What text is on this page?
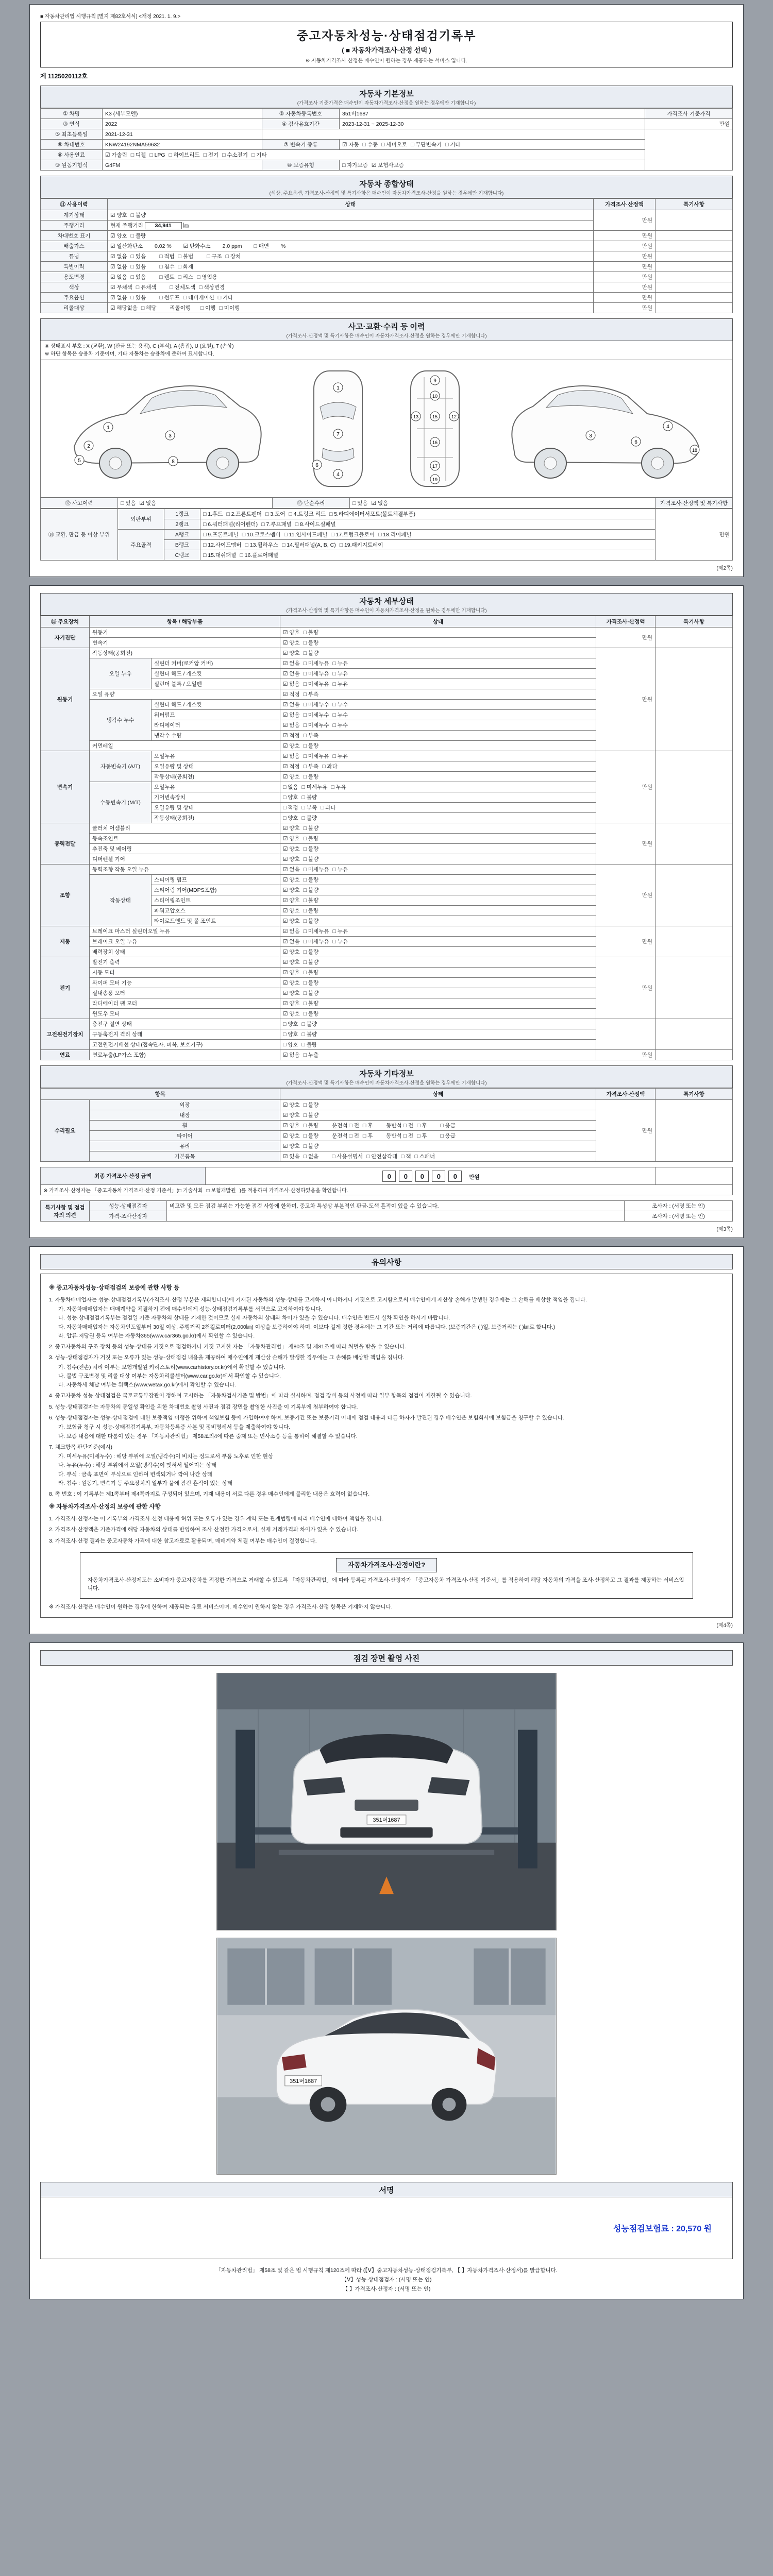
■ 자동차관리법 시행규칙 [별지 제82호서식] <개정 2021. 1. 9.>
중고자동차성능·상태점검기록부
( ■ 자동차가격조사·산정 선택 )
※ 자동차가격조사·산정은 매수인이 원하는 경우 제공하는 서비스 입니다.
제 1125020112호
자동차 기본정보
(가격조사 기준가격은 매수인이 자동차가격조사·산정을 원하는 경우에만 기재합니다)
① 차명	K3 (세부모델)	② 자동차등록번호	351버1687	가격조사 기준가격
③ 연식	2022	④ 검사유효기간	2023-12-31 ~ 2025-12-30	만원
⑤ 최초등록일	2021-12-31			
⑥ 차대번호	KNW24192NMA59632	⑦ 변속기 종류	☑ 자동 □ 수동 □ 세미오토 □ 무단변속기 □ 기타	
⑧ 사용연료	☑ 가솔린 □ 디젤 □ LPG □ 하이브리드 □ 전기 □ 수소전기 □ 기타			
⑨ 원동기형식	G4FM	⑩ 보증유형	□ 자가보증 ☑ 보험사보증	
자동차 종합상태
(색상, 주요옵션, 가격조사·산정액 및 특기사항은 매수인이 자동차가격조사·산정을 원하는 경우에만 기재합니다)
⑪ 사용이력	상태	가격조사·산정액	특기사항
계기상태	☑ 양호 □ 불량	만원	
주행거리	현재 주행거리 34,941 ㎞		
차대번호 표기	☑ 양호 □ 불량	만원	
배출가스	☑ 일산화탄소 0.02 % ☑ 탄화수소 2.0 ppm □ 매연 %	만원	
튜닝	☑ 없음 □ 있음 □ 적법 □ 불법 □ 구조 □ 장치	만원	
특별이력	☑ 없음 □ 있음 □ 침수 □ 화재	만원	
용도변경	☑ 없음 □ 있음 □ 렌트 □ 리스 □ 영업용	만원	
색상	☑ 무채색 □ 유채색 □ 전체도색 □ 색상변경	만원	
주요옵션	☑ 없음 □ 있음 □ 썬루프 □ 네비게이션 □ 기타	만원	
리콜대상	☑ 해당없음 □ 해당 리콜이행 □ 이행 □ 미이행	만원	
사고·교환·수리 등 이력
(가격조사·산정액 및 특기사항은 매수인이 자동차가격조사·산정을 원하는 경우에만 기재합니다)
※ 상태표시 부호 : X (교환), W (판금 또는 용접), C (부식), A (흠집), U (요철), T (손상)
※ 하단 항목은 승용차 기준이며, 기타 자동차는 승용차에 준하여 표시합니다.
1
2
3
5	8
1
7
4
6
9
10
12
13	15
16
17
19
4
6
18
3
⑫ 사고이력	□ 있음 ☑ 없음	⑬ 단순수리	□ 있음 ☑ 없음	가격조사·산정액 및 특기사항
⑭ 교환, 판금 등 이상 부위	외판부위	1랭크	□ 1.후드 □ 2.프론트펜더 □ 3.도어 □ 4.트렁크 리드 □ 5.라디에이터서포트(볼트체결부품)	만원
		2랭크	□ 6.쿼터패널(리어펜더) □ 7.루프패널 □ 8.사이드실패널	
	주요골격	A랭크	□ 9.프론트패널 □ 10.크로스멤버 □ 11.인사이드패널 □ 17.트렁크플로어 □ 18.리어패널	
		B랭크	□ 12.사이드멤버 □ 13.휠하우스 □ 14.필러패널(A, B, C) □ 19.패키지트레이	
		C랭크	□ 15.대쉬패널 □ 16.플로어패널	
(제2쪽)
자동차 세부상태
(가격조사·산정액 및 특기사항은 매수인이 자동차가격조사·산정을 원하는 경우에만 기재합니다)
⑮ 주요장치	항목 / 해당부품		상태	가격조사·산정액	특기사항
자기진단	원동기		☑ 양호 □ 불량	만원	
	변속기		☑ 양호 □ 불량		
원동기	작동상태(공회전)		☑ 양호 □ 불량	만원	
	오일 누유	실린더 커버(로커암 커버)	☑ 없음 □ 미세누유 □ 누유		
		실린더 헤드 / 개스킷	☑ 없음 □ 미세누유 □ 누유		
		실린더 블록 / 오일팬	☑ 없음 □ 미세누유 □ 누유		
	오일 유량		☑ 적정 □ 부족		
	냉각수 누수	실린더 헤드 / 개스킷	☑ 없음 □ 미세누수 □ 누수		
		워터펌프	☑ 없음 □ 미세누수 □ 누수		
		라디에이터	☑ 없음 □ 미세누수 □ 누수		
		냉각수 수량	☑ 적정 □ 부족		
	커먼레일		☑ 양호 □ 불량		
변속기	자동변속기 (A/T)	오일누유	☑ 없음 □ 미세누유 □ 누유	만원	
		오일유량 및 상태	☑ 적정 □ 부족 □ 과다		
		작동상태(공회전)	☑ 양호 □ 불량		
	수동변속기 (M/T)	오일누유	□ 없음 □ 미세누유 □ 누유		
		기어변속장치	□ 양호 □ 불량		
		오일유량 및 상태	□ 적정 □ 부족 □ 과다		
		작동상태(공회전)	□ 양호 □ 불량		
동력전달	클러치 어셈블리		☑ 양호 □ 불량	만원	
	등속조인트		☑ 양호 □ 불량		
	추진축 및 베어링		☑ 양호 □ 불량		
	디퍼렌셜 기어		☑ 양호 □ 불량		
조향	동력조향 작동 오일 누유		☑ 없음 □ 미세누유 □ 누유	만원	
	작동상태	스티어링 펌프	☑ 양호 □ 불량		
		스티어링 기어(MDPS포함)	☑ 양호 □ 불량		
		스티어링조인트	☑ 양호 □ 불량		
		파워고압호스	☑ 양호 □ 불량		
		타이로드엔드 및 볼 조인트	☑ 양호 □ 불량		
제동	브레이크 마스터 실린더오일 누유		☑ 없음 □ 미세누유 □ 누유	만원	
	브레이크 오일 누유		☑ 없음 □ 미세누유 □ 누유		
	배력장치 상태		☑ 양호 □ 불량		
전기	발전기 출력		☑ 양호 □ 불량	만원	
	시동 모터		☑ 양호 □ 불량		
	와이퍼 모터 기능		☑ 양호 □ 불량		
	실내송풍 모터		☑ 양호 □ 불량		
	라디에이터 팬 모터		☑ 양호 □ 불량		
	윈도우 모터		☑ 양호 □ 불량		
고전원전기장치	충전구 절연 상태		□ 양호 □ 불량		
	구동축전지 격리 상태		□ 양호 □ 불량		
	고전원전기배선 상태(접속단자, 피복, 보호기구)		□ 양호 □ 불량		
연료	연료누출(LP가스 포함)		☑ 없음 □ 누출	만원	
자동차 기타정보
(가격조사·산정액 및 특기사항은 매수인이 자동차가격조사·산정을 원하는 경우에만 기재합니다)
항목		상태	가격조사·산정액	특기사항
수리필요	외장	☑ 양호 □ 불량	만원	
	내장	☑ 양호 □ 불량		
	휠	☑ 양호 □ 불량 운전석 □ 전 □ 후 동반석 □ 전 □ 후 □ 응급		
	타이어	☑ 양호 □ 불량 운전석 □ 전 □ 후 동반석 □ 전 □ 후 □ 응급		
	유리	☑ 양호 □ 불량		
	기본품목	☑ 있음 □ 없음 □ 사용설명서 □ 안전삼각대 □ 잭 □ 스패너		
최종 가격조사·산정 금액	0 0 0 0 0 만원	
※ 가격조사·산정자는 「중고자동차 가격조사·산정 기준서」(□ 기술사회 □ 보험개발원 )를 적용하여 가격조사·산정하였음을 확인합니다.
특기사항 및 점검자의 의견	성능·상태점검자	비고란 및 모든 점검 부위는 가능한 점검 사항에 한하며, 중고차 특성상 부분적인 판금·도색 흔적이 있을 수 있습니다.	조사자 : (서명 또는 인)
	가격·조사산정자		조사자 : (서명 또는 인)
(제3쪽)
유의사항
※ 중고자동차성능·상태점검의 보증에 관한 사항 등
1. 자동차매매업자는 성능·상태점검기록부(가격조사·산정 부분은 제외합니다)에 기재된 자동차의 성능·상태를 고지하지 아니하거나 거짓으로 고지함으로써 매수인에게 재산상 손해가 발생한 경우에는 그 손해를 배상할 책임을 집니다.
가. 자동차매매업자는 매매계약을 체결하기 전에 매수인에게 성능·상태점검기록부를 서면으로 고지하여야 합니다.
나. 성능·상태점검기록부는 점검일 기준 자동차의 상태를 기재한 것이므로 실제 자동차의 상태와 차이가 있을 수 있습니다. 매수인은 반드시 실차 확인을 하시기 바랍니다.
다. 자동차매매업자는 자동차인도일부터 30일 이상, 주행거리 2천킬로미터(2,000㎞) 이상을 보증하여야 하며, 이보다 길게 정한 경우에는 그 기간 또는 거리에 따릅니다. (보증기간은 ( )일, 보증거리는 ( )㎞로 합니다.)
라. 압류·저당권 등록 여부는 자동차365(www.car365.go.kr)에서 확인할 수 있습니다.
2. 중고자동차의 구조·장치 등의 성능·상태를 거짓으로 점검하거나 거짓 고지한 자는 「자동차관리법」 제80조 및 제81조에 따라 처벌을 받을 수 있습니다.
3. 성능·상태점검자가 거짓 또는 오류가 있는 성능·상태점검 내용을 제공하여 매수인에게 재산상 손해가 발생한 경우에는 그 손해를 배상할 책임을 집니다.
가. 침수(전손) 처리 여부는 보험개발원 카히스토리(www.carhistory.or.kr)에서 확인할 수 있습니다.
나. 불법 구조변경 및 리콜 대상 여부는 자동차리콜센터(www.car.go.kr)에서 확인할 수 있습니다.
다. 자동차세 체납 여부는 위택스(www.wetax.go.kr)에서 확인할 수 있습니다.
4. 중고자동차 성능·상태점검은 국토교통부장관이 정하여 고시하는 「자동차검사기준 및 방법」에 따라 실시하며, 점검 장비 등의 사정에 따라 일부 항목의 점검이 제한될 수 있습니다.
5. 성능·상태점검자는 자동차의 동일성 확인을 위한 차대번호 촬영 사진과 점검 장면을 촬영한 사진을 이 기록부에 첨부하여야 합니다.
6. 성능·상태점검자는 성능·상태점검에 대한 보증책임 이행을 위하여 책임보험 등에 가입하여야 하며, 보증기간 또는 보증거리 이내에 점검 내용과 다른 하자가 발견된 경우 매수인은 보험회사에 보험금을 청구할 수 있습니다.
가. 보험금 청구 시 성능·상태점검기록부, 자동차등록증 사본 및 정비명세서 등을 제출하여야 합니다.
나. 보증 내용에 대한 다툼이 있는 경우 「자동차관리법」 제58조의4에 따른 중재 또는 민사소송 등을 통하여 해결할 수 있습니다.
7. 체크항목 판단기준(예시)
가. 미세누유(미세누수) : 해당 부위에 오일(냉각수)이 비치는 정도로서 부품 노후로 인한 현상
나. 누유(누수) : 해당 부위에서 오일(냉각수)이 맺혀서 떨어지는 상태
다. 부식 : 금속 표면이 부식으로 인하여 변색되거나 깎여 나간 상태
라. 침수 : 원동기, 변속기 등 주요장치의 일부가 물에 잠긴 흔적이 있는 상태
8. 쪽 번호 : 이 기록부는 제1쪽부터 제4쪽까지로 구성되어 있으며, 기재 내용이 서로 다른 경우 매수인에게 불리한 내용은 효력이 없습니다.
※ 자동차가격조사·산정의 보증에 관한 사항
1. 가격조사·산정자는 이 기록부의 가격조사·산정 내용에 허위 또는 오류가 있는 경우 계약 또는 관계법령에 따라 매수인에 대하여 책임을 집니다.
2. 가격조사·산정액은 기준가격에 해당 자동차의 상태를 반영하여 조사·산정한 가격으로서, 실제 거래가격과 차이가 있을 수 있습니다.
3. 가격조사·산정 결과는 중고자동차 가격에 대한 참고자료로 활용되며, 매매계약 체결 여부는 매수인이 결정합니다.
자동차가격조사·산정이란?
자동차가격조사·산정제도는 소비자가 중고자동차를 적정한 가격으로 거래할 수 있도록 「자동차관리법」에 따라 등록된 가격조사·산정자가 「중고자동차 가격조사·산정 기준서」를 적용하여 해당 자동차의 가격을 조사·산정하고 그 결과를 제공하는 서비스입니다.
※ 가격조사·산정은 매수인이 원하는 경우에 한하여 제공되는 유료 서비스이며, 매수인이 원하지 않는 경우 가격조사·산정 항목은 기재하지 않습니다.
(제4쪽)
점검 장면 촬영 사진
351버1687
351버1687
서명
성능점검보험료 : 20,570 원
「자동차관리법」 제58조 및 같은 법 시행규칙 제120조에 따라 (【Ⅴ】중고자동차성능·상태점검기록부, 【 】자동차가격조사·산정서)를 발급합니다.
【Ⅴ】성능·상태점검자 : (서명 또는 인)
【 】가격조사·산정자 : (서명 또는 인)
